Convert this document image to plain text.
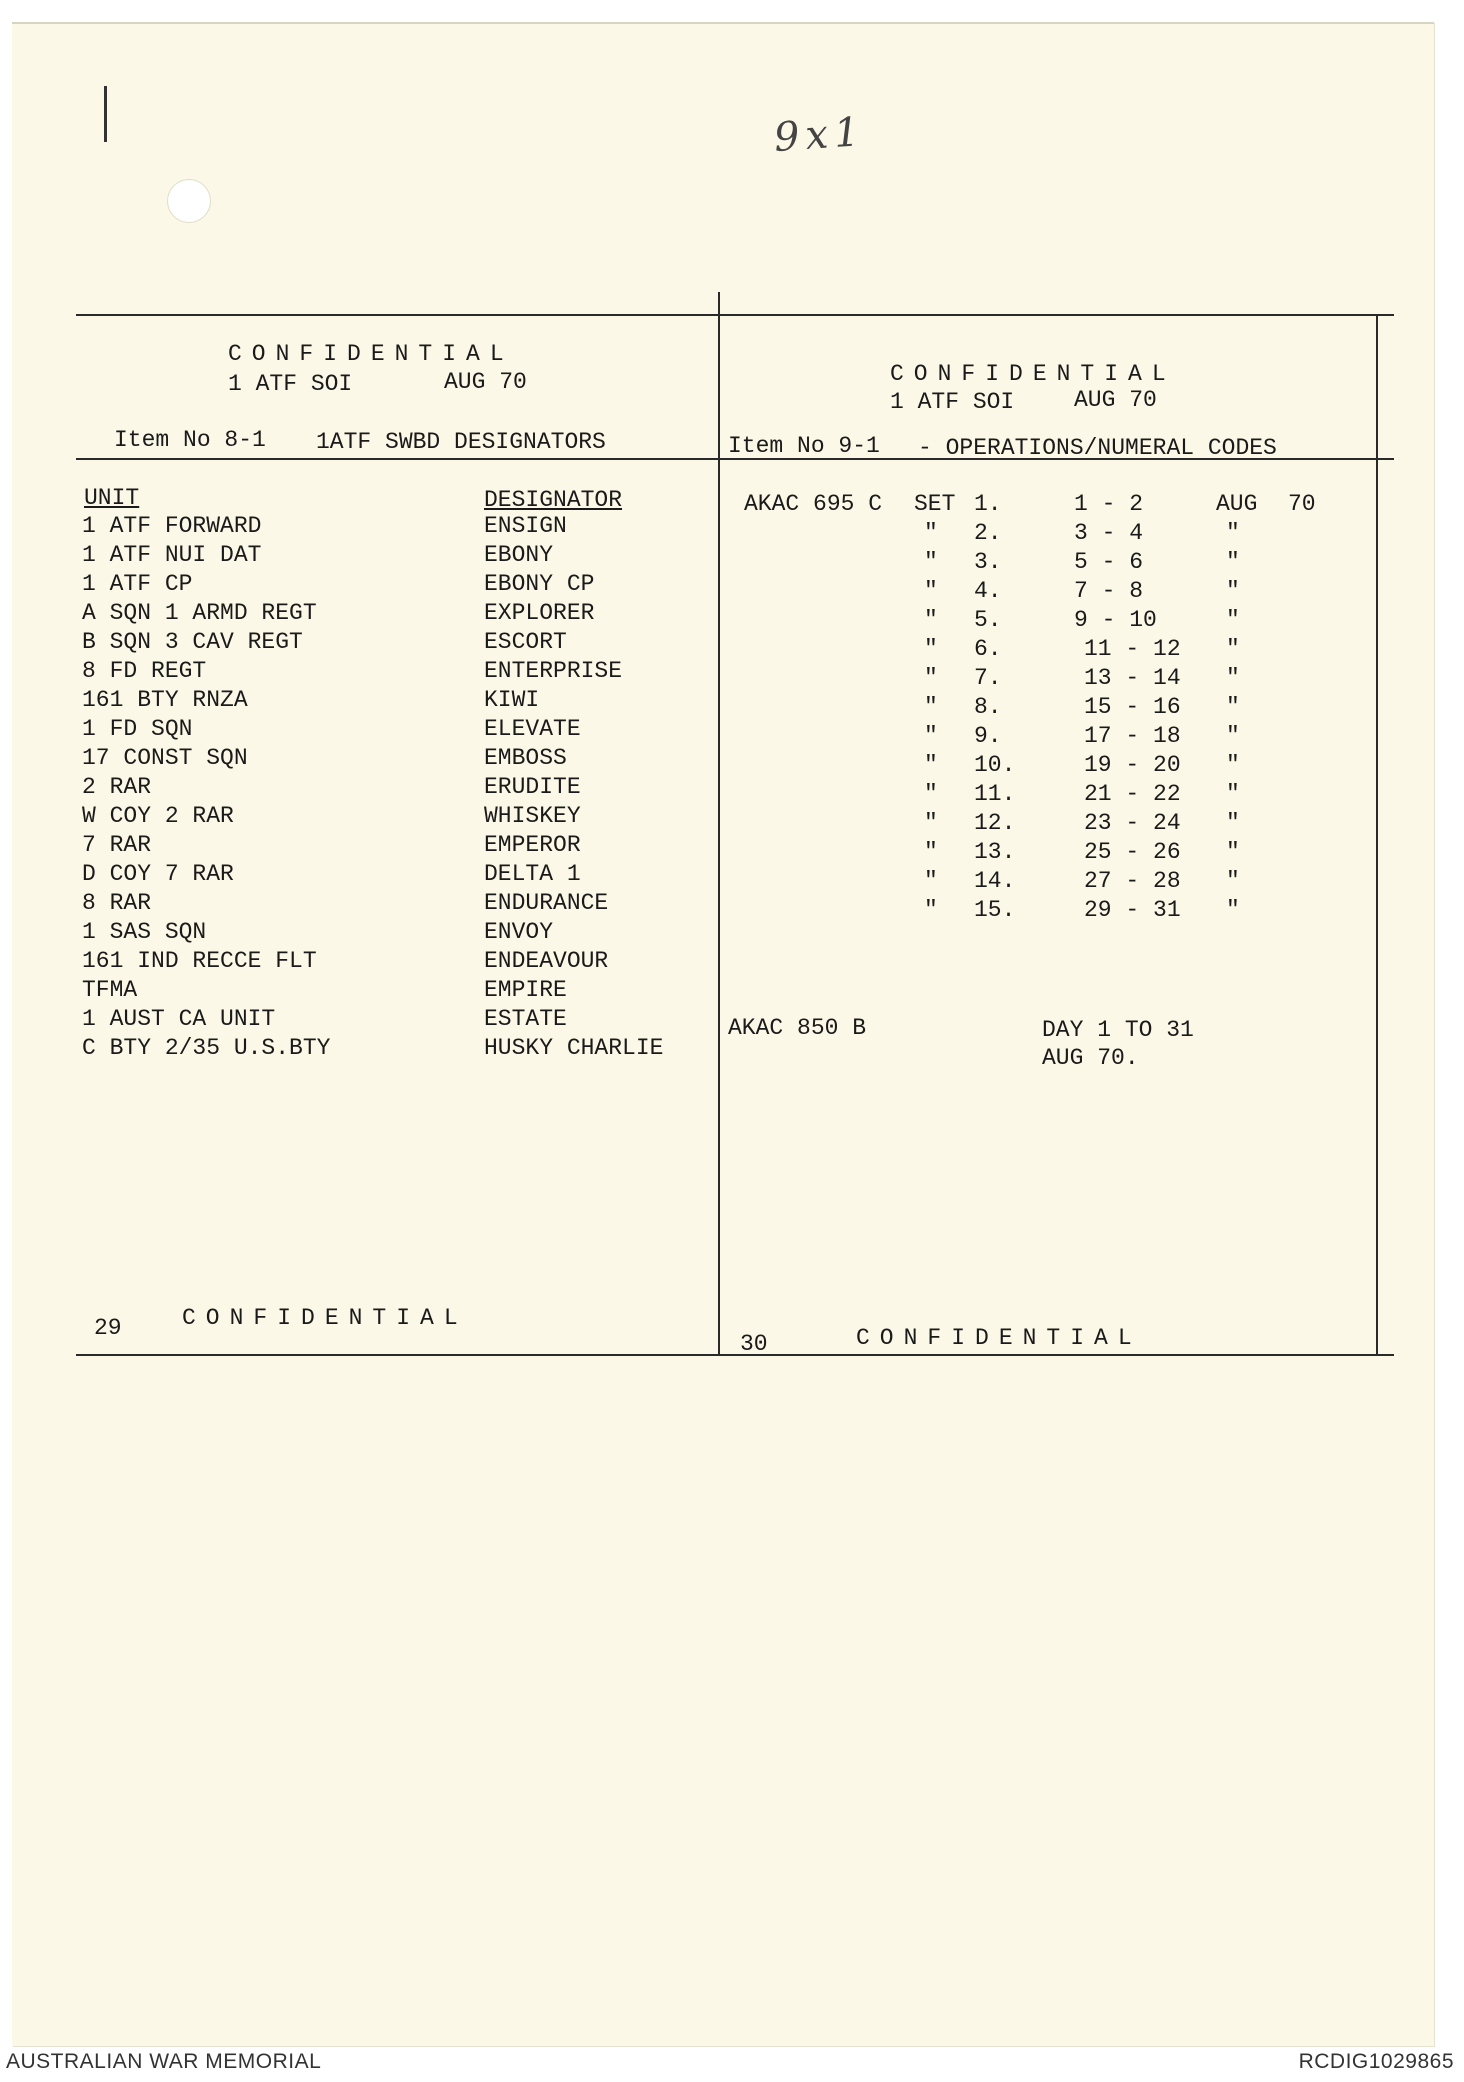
9x1
CONFIDENTIAL
1 ATF SOI	AUG 70
Item No 8-1 1ATF SWBD DESIGNATORS
UNIT	DESIGNATOR
1 ATF FORWARD	ENSIGN
1 ATF NUI DAT	EBONY
1 ATF CP	EBONY CP
A SQN 1 ARMD REGT	EXPLORER
B SQN 3 CAV REGT	ESCORT
8 FD REGT	ENTERPRISE
161 BTY RNZA	KIWI
1 FD SQN	ELEVATE
17 CONST SQN	EMBOSS
2 RAR	ERUDITE
W COY 2 RAR	WHISKEY
7 RAR	EMPEROR
D COY 7 RAR	DELTA 1
8 RAR	ENDURANCE
1 SAS SQN	ENVOY
161 IND RECCE FLT	ENDEAVOUR
TFMA	EMPIRE
1 AUST CA UNIT	ESTATE
C BTY 2/35 U.S.BTY	HUSKY CHARLIE
29	CONFIDENTIAL
CONFIDENTIAL
1 ATF SOI	AUG 70
Item No 9-1 - OPERATIONS/NUMERAL CODES
AKAC 695 C SET 1.	1 - 2	AUG 70
" 2.	3 - 4	"
" 3.	5 - 6	"
" 4.	7 - 8	"
" 5.	9 - 10	"
" 6.	11 - 12 "
" 7.	13 - 14 "
" 8.	15 - 16 "
" 9.	17 - 18 "
" 10.	19 - 20 "
" 11.	21 - 22 "
" 12.	23 - 24 "
" 13.	25 - 26 "
" 14.	27 - 28 "
" 15.	29 - 31 "
AKAC 850 B	DAY 1 TO 31
AUG 70.
30	CONFIDENTIAL
AUSTRALIAN WAR MEMORIAL	RCDIG1029865
